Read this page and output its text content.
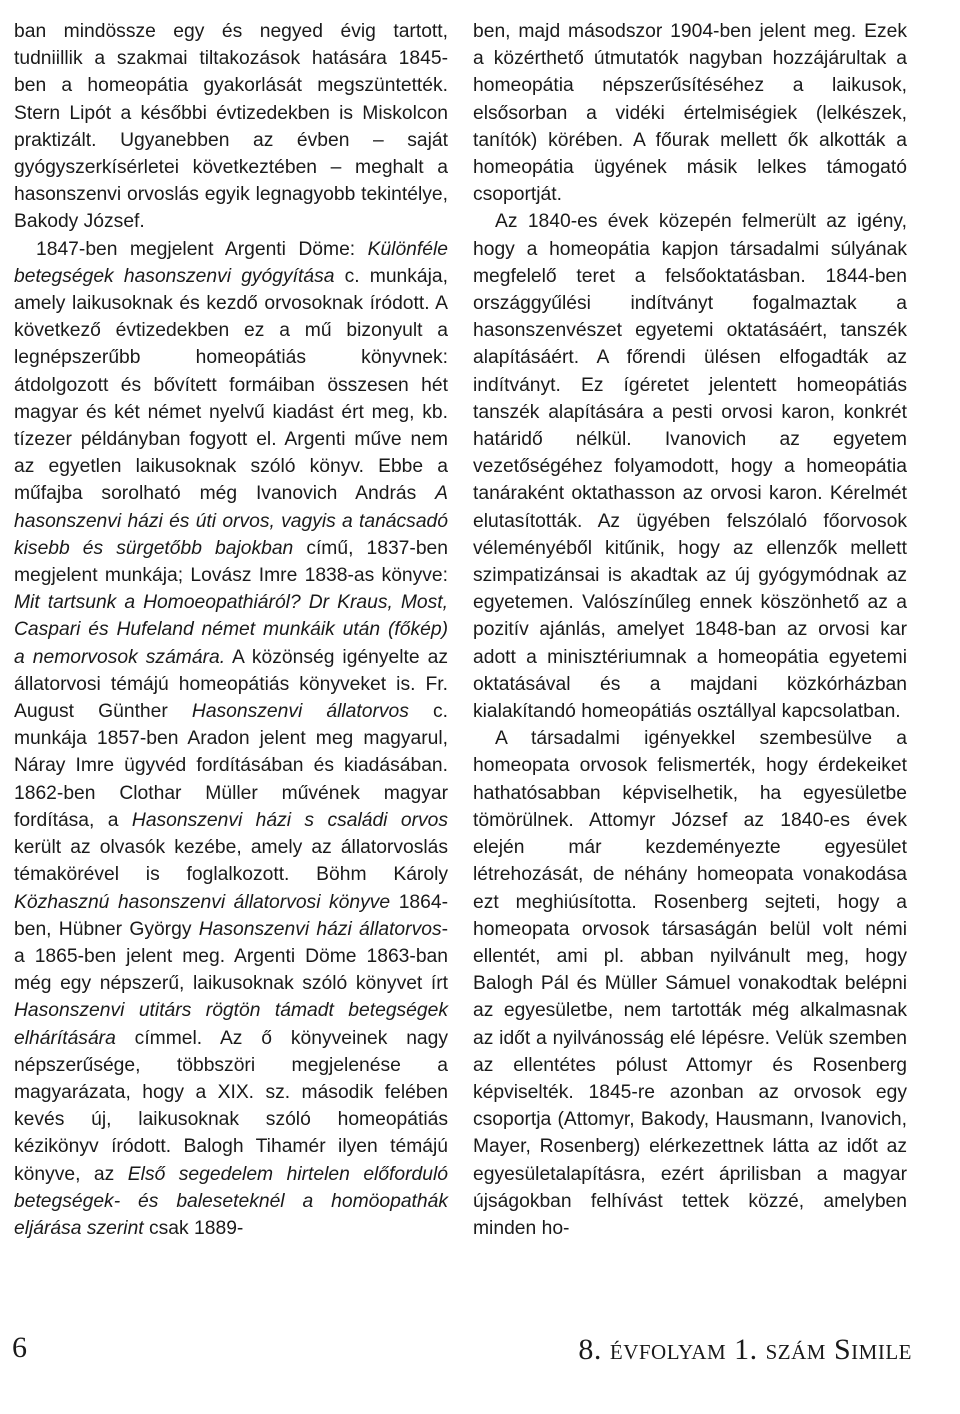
ban mindössze egy és negyed évig tartott, tudniillik a szakmai tiltakozások hatására 1845-ben a homeopátia gyakorlását megszüntették. Stern Lipót a későbbi évtizedekben is Miskolcon praktizált. Ugyanebben az évben – saját gyógyszerkísérletei következtében – meghalt a hasonszenvi orvoslás egyik legnagyobb tekintélye, Bakody József.

1847-ben megjelent Argenti Döme: Különféle betegségek hasonszenvi gyógyítása c. munkája, amely laikusoknak és kezdő orvosoknak íródott. A következő évtizedekben ez a mű bizonyult a legnépszerűbb homeopátiás könyvnek: átdolgozott és bővített formáiban összesen hét magyar és két német nyelvű kiadást ért meg, kb. tízezer példányban fogyott el. Argenti műve nem az egyetlen laikusoknak szóló könyv. Ebbe a műfajba sorolható még Ivanovich András A hasonszenvi házi és úti orvos, vagyis a tanácsadó kisebb és sürgetőbb bajokban című, 1837-ben megjelent munkája; Lovász Imre 1838-as könyve: Mit tartsunk a Homoeopathiáról? Dr Kraus, Most, Caspari és Hufeland német munkáik után (főkép) a nemorvosok számára. A közönség igényelte az állatorvosi témájú homeopátiás könyveket is. Fr. August Günther Hasonszenvi állatorvos c. munkája 1857-ben Aradon jelent meg magyarul, Náray Imre ügyvéd fordításában és kiadásában. 1862-ben Clothar Müller művének magyar fordítása, a Hasonszenvi házi s családi orvos került az olvasók kezébe, amely az állatorvoslás témakörével is foglalkozott. Böhm Károly Közhasznú hasonszenvi állatorvosi könyve 1864-ben, Hübner György Hasonszenvi házi állatorvos-a 1865-ben jelent meg. Argenti Döme 1863-ban még egy népszerű, laikusoknak szóló könyvet írt Hasonszenvi utitárs rögtön támadt betegségek elhárítására címmel. Az ő könyveinek nagy népszerűsége, többszöri megjelenése a magyarázata, hogy a XIX. sz. második felében kevés új, laikusoknak szóló homeopátiás kézikönyv íródott. Balogh Tihamér ilyen témájú könyve, az Első segedelem hirtelen előforduló betegségek- és baleseteknél a homöopathák eljárása szerint csak 1889-

ben, majd másodszor 1904-ben jelent meg. Ezek a közérthető útmutatók nagyban hozzájárultak a homeopátia népszerűsítéséhez a laikusok, elsősorban a vidéki értelmiségiek (lelkészek, tanítók) körében. A főurak mellett ők alkották a homeopátia ügyének másik lelkes támogató csoportját.

Az 1840-es évek közepén felmerült az igény, hogy a homeopátia kapjon társadalmi súlyának megfelelő teret a felsőoktatásban. 1844-ben országgyűlési indítványt fogalmaztak a hasonszenvészet egyetemi oktatásáért, tanszék alapításáért. A főrendi ülésen elfogadták az indítványt. Ez ígéretet jelentett homeopátiás tanszék alapítására a pesti orvosi karon, konkrét határidő nélkül. Ivanovich az egyetem vezetőségéhez folyamodott, hogy a homeopátia tanáraként oktathasson az orvosi karon. Kérelmét elutasították. Az ügyében felszólaló főorvosok véleményéből kitűnik, hogy az ellenzők mellett szimpatizánsai is akadtak az új gyógymódnak az egyetemen. Valószínűleg ennek köszönhető az a pozitív ajánlás, amelyet 1848-ban az orvosi kar adott a minisztériumnak a homeopátia egyetemi oktatásával és a majdani közkórházban kialakítandó homeopátiás osztállyal kapcsolatban.

A társadalmi igényekkel szembesülve a homeopata orvosok felismerték, hogy érdekeiket hathatósabban képviselhetik, ha egyesületbe tömörülnek. Attomyr József az 1840-es évek elején már kezdeményezte egyesület létrehozását, de néhány homeopata vonakodása ezt meghiúsította. Rosenberg sejteti, hogy a homeopata orvosok társaságán belül volt némi ellentét, ami pl. abban nyilvánult meg, hogy Balogh Pál és Müller Sámuel vonakodtak belépni az egyesületbe, nem tartották még alkalmasnak az időt a nyilvánosság elé lépésre. Velük szemben az ellentétes pólust Attomyr és Rosenberg képviselték. 1845-re azonban az orvosok egy csoportja (Attomyr, Bakody, Hausmann, Ivanovich, Mayer, Rosenberg) elérkezettnek látta az időt az egyesületalapításra, ezért áprilisban a magyar újságokban felhívást tettek közzé, amelyben minden ho-

6	8. ÉVFOLYAM 1. SZÁM SIMILE
